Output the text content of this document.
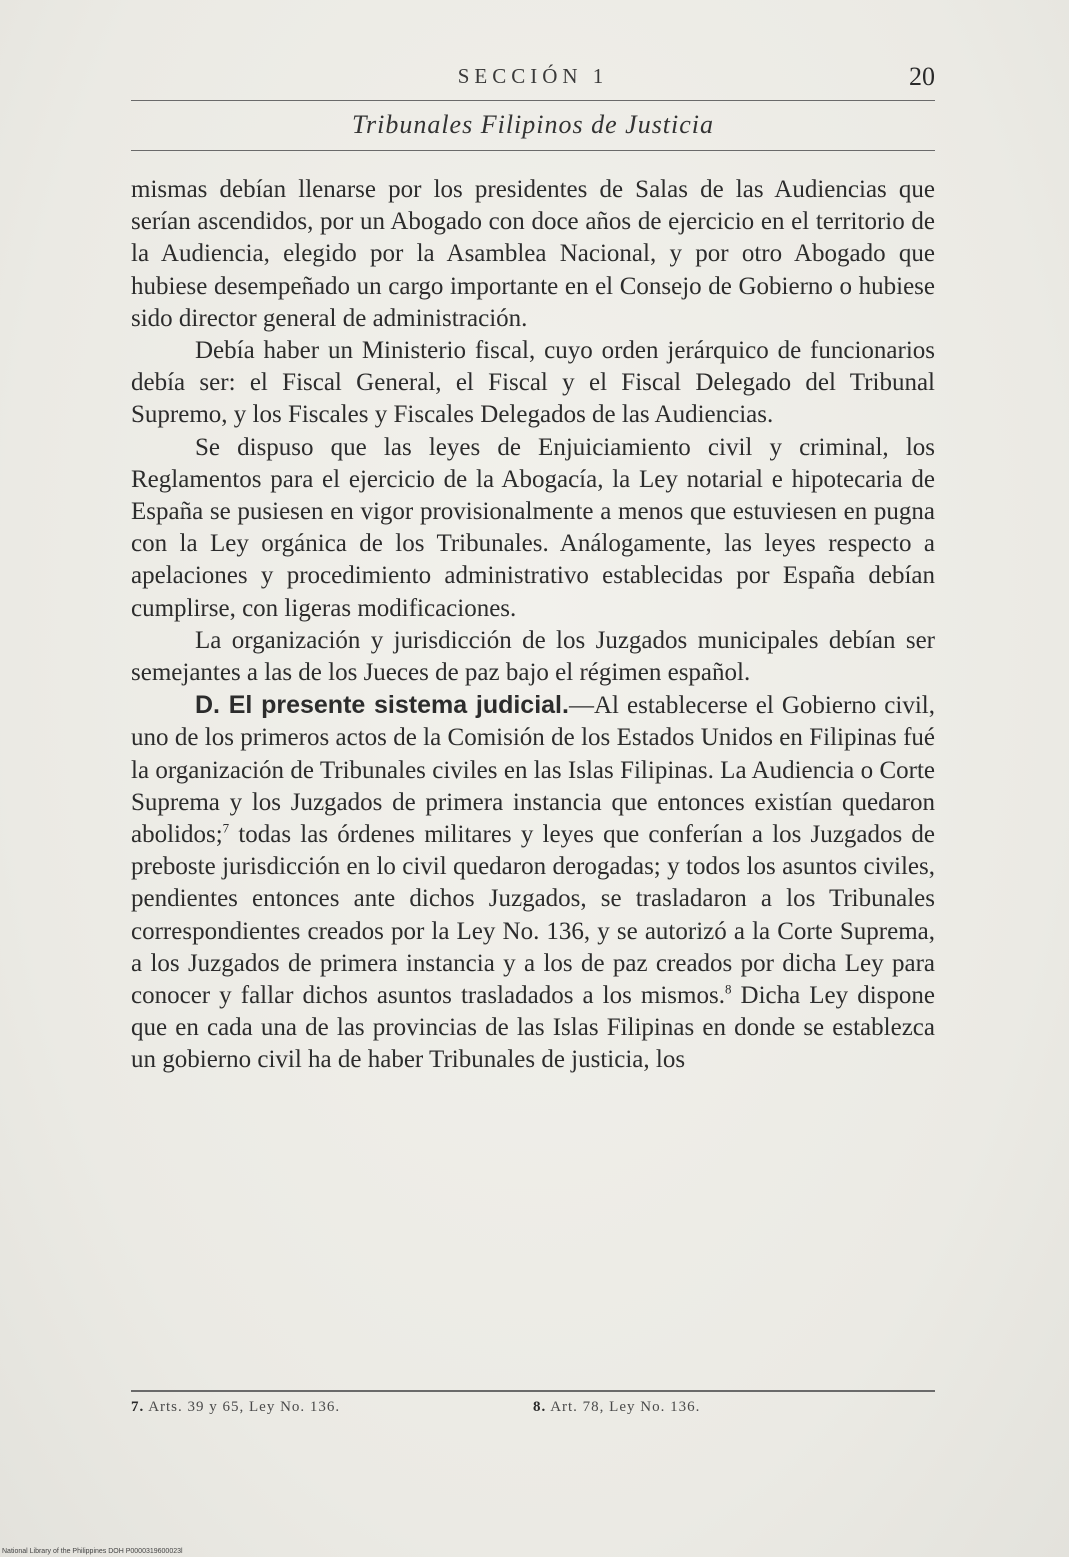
SECCIÓN 1	20
Tribunales Filipinos de Justicia

mismas debían llenarse por los presidentes de Salas de las Audiencias que serían ascendidos, por un Abogado con doce años de ejercicio en el territorio de la Audiencia, elegido por la Asamblea Nacional, y por otro Abogado que hubiese desempeñado un cargo importante en el Consejo de Gobierno o hubiese sido director general de administración.

Debía haber un Ministerio fiscal, cuyo orden jerárquico de funcionarios debía ser: el Fiscal General, el Fiscal y el Fiscal Delegado del Tribunal Supremo, y los Fiscales y Fiscales Delegados de las Audiencias.

Se dispuso que las leyes de Enjuiciamiento civil y criminal, los Reglamentos para el ejercicio de la Abogacía, la Ley notarial e hipotecaria de España se pusiesen en vigor provisionalmente a menos que estuviesen en pugna con la Ley orgánica de los Tribunales. Análogamente, las leyes respecto a apelaciones y procedimiento administrativo establecidas por España debían cumplirse, con ligeras modificaciones.

La organización y jurisdicción de los Juzgados municipales debían ser semejantes a las de los Jueces de paz bajo el régimen español.

D. El presente sistema judicial.—Al establecerse el Gobierno civil, uno de los primeros actos de la Comisión de los Estados Unidos en Filipinas fué la organización de Tribunales civiles en las Islas Filipinas. La Audiencia o Corte Suprema y los Juzgados de primera instancia que entonces existían quedaron abolidos;$^7$ todas las órdenes militares y leyes que conferían a los Juzgados de preboste jurisdicción en lo civil quedaron derogadas; y todos los asuntos civiles, pendientes entonces ante dichos Juzgados, se trasladaron a los Tribunales correspondientes creados por la Ley No. 136, y se autorizó a la Corte Suprema, a los Juzgados de primera instancia y a los de paz creados por dicha Ley para conocer y fallar dichos asuntos trasladados a los mismos.$^8$ Dicha Ley dispone que en cada una de las provincias de las Islas Filipinas en donde se establezca un gobierno civil ha de haber Tribunales de justicia, los

7. Arts. 39 y 65, Ley No. 136.	8. Art. 78, Ley No. 136.
National Library of the Philippines DOH P0000319600023l
